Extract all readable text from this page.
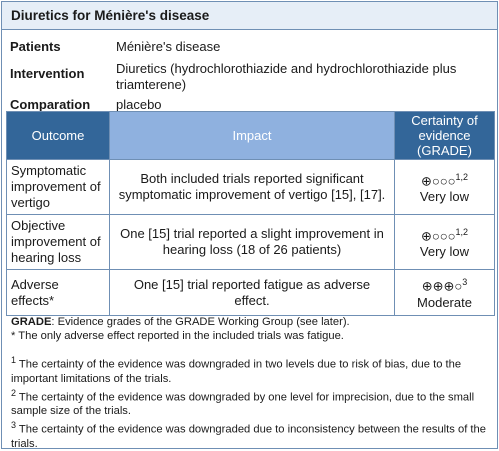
Diuretics for Ménière's disease
Patients	Ménière's disease
Intervention	Diuretics (hydrochlorothiazide and hydrochlorothiazide plus triamterene)
Comparation	placebo
Outcome	Impact	Certainty of
evidence
(GRADE)
Symptomatic improvement of vertigo	Both included trials reported significant symptomatic improvement of vertigo [15], [17].	⊕○○○$^{1,2}$
Very low
Objective improvement of hearing loss	One [15] trial reported a slight improvement in hearing loss (18 of 26 patients)	⊕○○○$^{1,2}$
Very low
Adverse effects*	One [15] trial reported fatigue as adverse effect.	⊕⊕⊕○$^3$
Moderate

GRADE: Evidence grades of the GRADE Working Group (see later).

* The only adverse effect reported in the included trials was fatigue.

$^1$ The certainty of the evidence was downgraded in two levels due to risk of bias, due to the important limitations of the trials.

$^2$ The certainty of the evidence was downgraded by one level for imprecision, due to the small sample size of the trials.

$^3$ The certainty of the evidence was downgraded due to inconsistency between the results of the trials.
